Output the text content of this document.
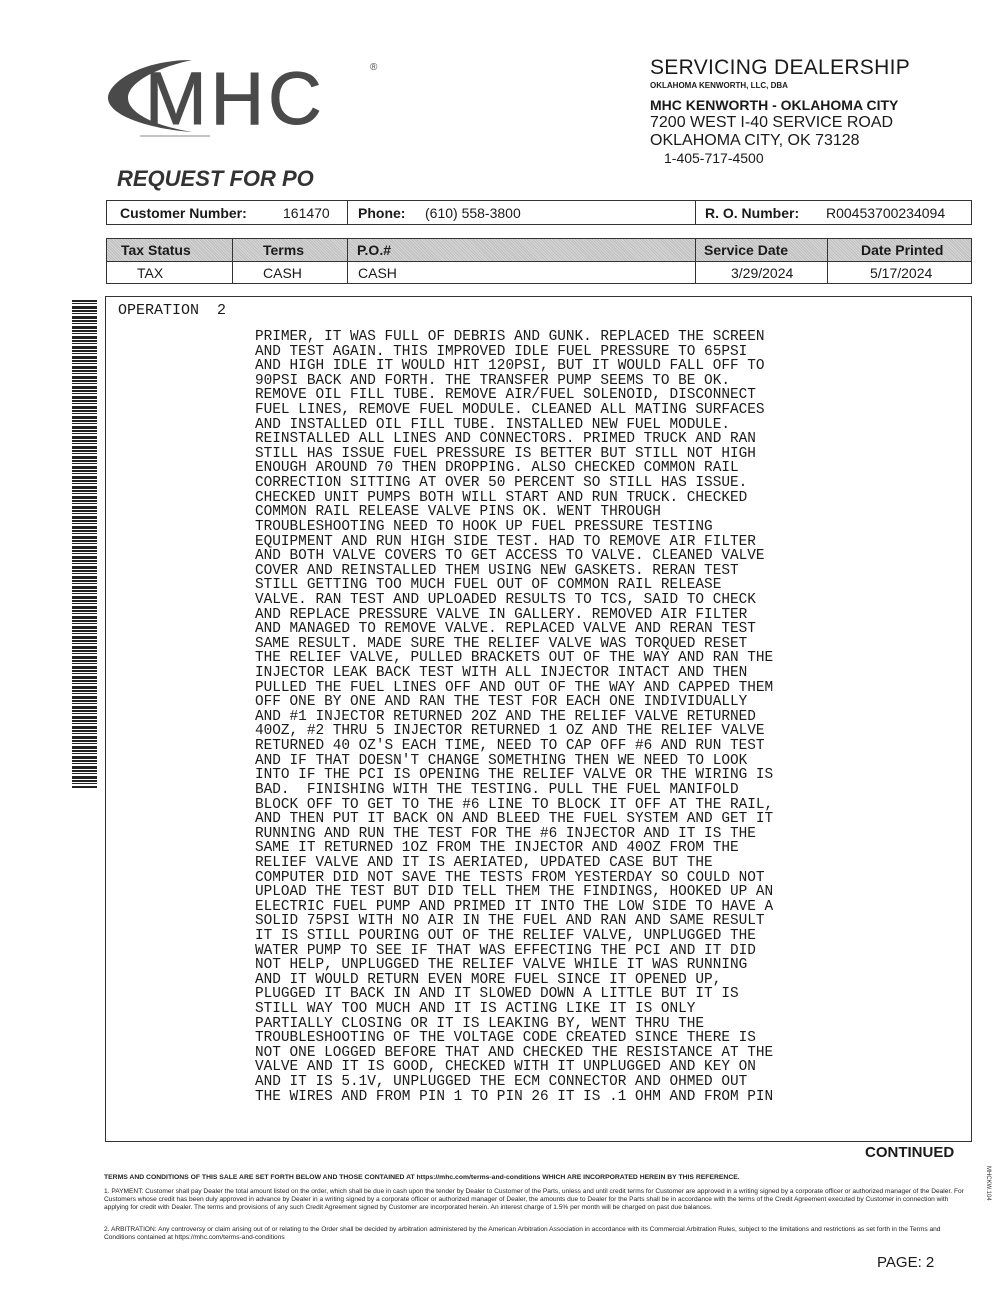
MHC	®	SERVICING DEALERSHIP
OKLAHOMA KENWORTH, LLC, DBA
MHC KENWORTH - OKLAHOMA CITY
7200 WEST I-40 SERVICE ROAD
OKLAHOMA CITY, OK 73128
1-405-717-4500
REQUEST FOR PO
Customer Number:	161470 Phone: (610) 558-3800	R. O. Number: R00453700234094
Tax Status	Terms	P.O.#	Service Date	Date Printed
TAX	CASH	CASH	3/29/2024	5/17/2024
OPERATION  2
PRIMER, IT WAS FULL OF DEBRIS AND GUNK. REPLACED THE SCREEN
AND TEST AGAIN. THIS IMPROVED IDLE FUEL PRESSURE TO 65PSI
AND HIGH IDLE IT WOULD HIT 120PSI, BUT IT WOULD FALL OFF TO
90PSI BACK AND FORTH. THE TRANSFER PUMP SEEMS TO BE OK.
REMOVE OIL FILL TUBE. REMOVE AIR/FUEL SOLENOID, DISCONNECT
FUEL LINES, REMOVE FUEL MODULE. CLEANED ALL MATING SURFACES
AND INSTALLED OIL FILL TUBE. INSTALLED NEW FUEL MODULE.
REINSTALLED ALL LINES AND CONNECTORS. PRIMED TRUCK AND RAN
STILL HAS ISSUE FUEL PRESSURE IS BETTER BUT STILL NOT HIGH
ENOUGH AROUND 70 THEN DROPPING. ALSO CHECKED COMMON RAIL
CORRECTION SITTING AT OVER 50 PERCENT SO STILL HAS ISSUE.
CHECKED UNIT PUMPS BOTH WILL START AND RUN TRUCK. CHECKED
COMMON RAIL RELEASE VALVE PINS OK. WENT THROUGH
TROUBLESHOOTING NEED TO HOOK UP FUEL PRESSURE TESTING
EQUIPMENT AND RUN HIGH SIDE TEST. HAD TO REMOVE AIR FILTER
AND BOTH VALVE COVERS TO GET ACCESS TO VALVE. CLEANED VALVE
COVER AND REINSTALLED THEM USING NEW GASKETS. RERAN TEST
STILL GETTING TOO MUCH FUEL OUT OF COMMON RAIL RELEASE
VALVE. RAN TEST AND UPLOADED RESULTS TO TCS, SAID TO CHECK
AND REPLACE PRESSURE VALVE IN GALLERY. REMOVED AIR FILTER
AND MANAGED TO REMOVE VALVE. REPLACED VALVE AND RERAN TEST
SAME RESULT. MADE SURE THE RELIEF VALVE WAS TORQUED RESET
THE RELIEF VALVE, PULLED BRACKETS OUT OF THE WAY AND RAN THE
INJECTOR LEAK BACK TEST WITH ALL INJECTOR INTACT AND THEN
PULLED THE FUEL LINES OFF AND OUT OF THE WAY AND CAPPED THEM
OFF ONE BY ONE AND RAN THE TEST FOR EACH ONE INDIVIDUALLY
AND #1 INJECTOR RETURNED 2OZ AND THE RELIEF VALVE RETURNED
40OZ, #2 THRU 5 INJECTOR RETURNED 1 OZ AND THE RELIEF VALVE
RETURNED 40 OZ'S EACH TIME, NEED TO CAP OFF #6 AND RUN TEST
AND IF THAT DOESN'T CHANGE SOMETHING THEN WE NEED TO LOOK
INTO IF THE PCI IS OPENING THE RELIEF VALVE OR THE WIRING IS
BAD.  FINISHING WITH THE TESTING. PULL THE FUEL MANIFOLD
BLOCK OFF TO GET TO THE #6 LINE TO BLOCK IT OFF AT THE RAIL,
AND THEN PUT IT BACK ON AND BLEED THE FUEL SYSTEM AND GET IT
RUNNING AND RUN THE TEST FOR THE #6 INJECTOR AND IT IS THE
SAME IT RETURNED 1OZ FROM THE INJECTOR AND 40OZ FROM THE
RELIEF VALVE AND IT IS AERIATED, UPDATED CASE BUT THE
COMPUTER DID NOT SAVE THE TESTS FROM YESTERDAY SO COULD NOT
UPLOAD THE TEST BUT DID TELL THEM THE FINDINGS, HOOKED UP AN
ELECTRIC FUEL PUMP AND PRIMED IT INTO THE LOW SIDE TO HAVE A
SOLID 75PSI WITH NO AIR IN THE FUEL AND RAN AND SAME RESULT
IT IS STILL POURING OUT OF THE RELIEF VALVE, UNPLUGGED THE
WATER PUMP TO SEE IF THAT WAS EFFECTING THE PCI AND IT DID
NOT HELP, UNPLUGGED THE RELIEF VALVE WHILE IT WAS RUNNING
AND IT WOULD RETURN EVEN MORE FUEL SINCE IT OPENED UP,
PLUGGED IT BACK IN AND IT SLOWED DOWN A LITTLE BUT IT IS
STILL WAY TOO MUCH AND IT IS ACTING LIKE IT IS ONLY
PARTIALLY CLOSING OR IT IS LEAKING BY, WENT THRU THE
TROUBLESHOOTING OF THE VOLTAGE CODE CREATED SINCE THERE IS
NOT ONE LOGGED BEFORE THAT AND CHECKED THE RESISTANCE AT THE
VALVE AND IT IS GOOD, CHECKED WITH IT UNPLUGGED AND KEY ON
AND IT IS 5.1V, UNPLUGGED THE ECM CONNECTOR AND OHMED OUT
THE WIRES AND FROM PIN 1 TO PIN 26 IT IS .1 OHM AND FROM PIN
CONTINUED
TERMS AND CONDITIONS OF THIS SALE ARE SET FORTH BELOW AND THOSE CONTAINED AT https://mhc.com/terms-and-conditions WHICH ARE INCORPORATED HEREIN BY THIS REFERENCE.
1. PAYMENT: Customer shall pay Dealer the total amount listed on the order, which shall be due in cash upon the tender by Dealer to Customer of the Parts, unless and until credit terms for Customer are approved in a writing signed by a corporate officer or authorized manager of the Dealer. For Customers whose credit has been duly approved in advance by Dealer in a writing signed by a corporate officer or authorized manager of Dealer, the amounts due to Dealer for the Parts shall be in accordance with the terms of the Credit Agreement executed by Customer in connection with applying for credit with Dealer. The terms and provisions of any such Credit Agreement signed by Customer are incorporated herein. An interest charge of 1.5% per month will be charged on past due balances.
2. ARBITRATION: Any controversy or claim arising out of or relating to the Order shall be decided by arbitration administered by the American Arbitration Association in accordance with its Commercial Arbitration Rules, subject to the limitations and restrictions as set forth in the Terms and Conditions contained at https://mhc.com/terms-and-conditions
MHCKW.104
PAGE: 2
